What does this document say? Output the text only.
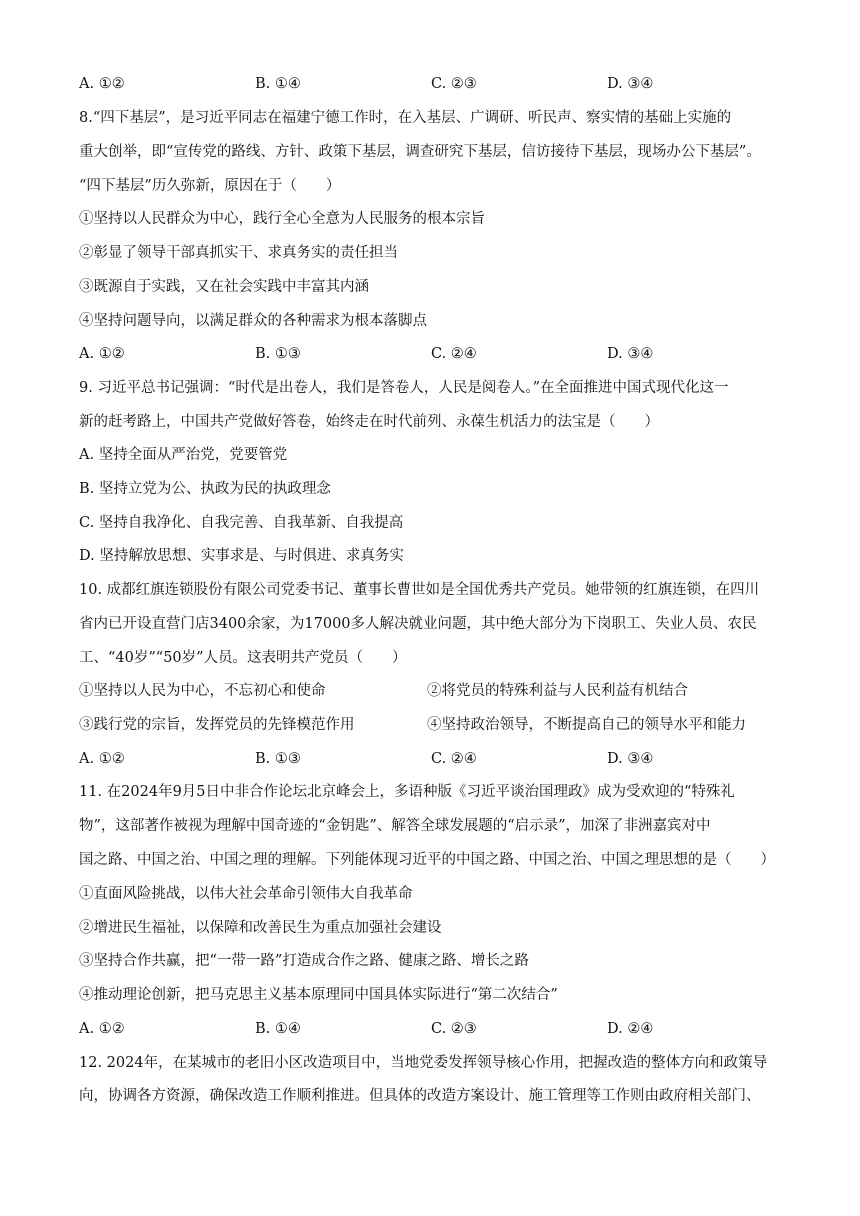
A. ①②	B. ①④	C. ②③	D. ③④
8.“四下基层”，是习近平同志在福建宁德工作时，在入基层、广调研、听民声、察实情的基础上实施的
重大创举，即“宣传党的路线、方针、政策下基层，调查研究下基层，信访接待下基层，现场办公下基层”。
“四下基层”历久弥新，原因在于（　　）
①坚持以人民群众为中心，践行全心全意为人民服务的根本宗旨
②彰显了领导干部真抓实干、求真务实的责任担当
③既源自于实践，又在社会实践中丰富其内涵
④坚持问题导向，以满足群众的各种需求为根本落脚点
A. ①②	B. ①③	C. ②④	D. ③④
9. 习近平总书记强调：“时代是出卷人，我们是答卷人，人民是阅卷人。”在全面推进中国式现代化这一
新的赶考路上，中国共产党做好答卷，始终走在时代前列、永葆生机活力的法宝是（　　）
A. 坚持全面从严治党，党要管党
B. 坚持立党为公、执政为民的执政理念
C. 坚持自我净化、自我完善、自我革新、自我提高
D. 坚持解放思想、实事求是、与时俱进、求真务实
10. 成都红旗连锁股份有限公司党委书记、董事长曹世如是全国优秀共产党员。她带领的红旗连锁，在四川
省内已开设直营门店3400余家，为17000多人解决就业问题，其中绝大部分为下岗职工、失业人员、农民
工、“40岁”“50岁”人员。这表明共产党员（　　）
①坚持以人民为中心，不忘初心和使命	②将党员的特殊利益与人民利益有机结合
③践行党的宗旨，发挥党员的先锋模范作用	④坚持政治领导，不断提高自己的领导水平和能力
A. ①②	B. ①③	C. ②④	D. ③④
11. 在2024年9月5日中非合作论坛北京峰会上，多语种版《习近平谈治国理政》成为受欢迎的“特殊礼
物”，这部著作被视为理解中国奇迹的“金钥匙”、解答全球发展题的“启示录”，加深了非洲嘉宾对中
国之路、中国之治、中国之理的理解。下列能体现习近平的中国之路、中国之治、中国之理思想的是（　　）
①直面风险挑战，以伟大社会革命引领伟大自我革命
②增进民生福祉，以保障和改善民生为重点加强社会建设
③坚持合作共赢，把“一带一路”打造成合作之路、健康之路、增长之路
④推动理论创新，把马克思主义基本原理同中国具体实际进行“第二次结合”
A. ①②	B. ①④	C. ②③	D. ②④
12. 2024年，在某城市的老旧小区改造项目中，当地党委发挥领导核心作用，把握改造的整体方向和政策导
向，协调各方资源，确保改造工作顺利推进。但具体的改造方案设计、施工管理等工作则由政府相关部门、
